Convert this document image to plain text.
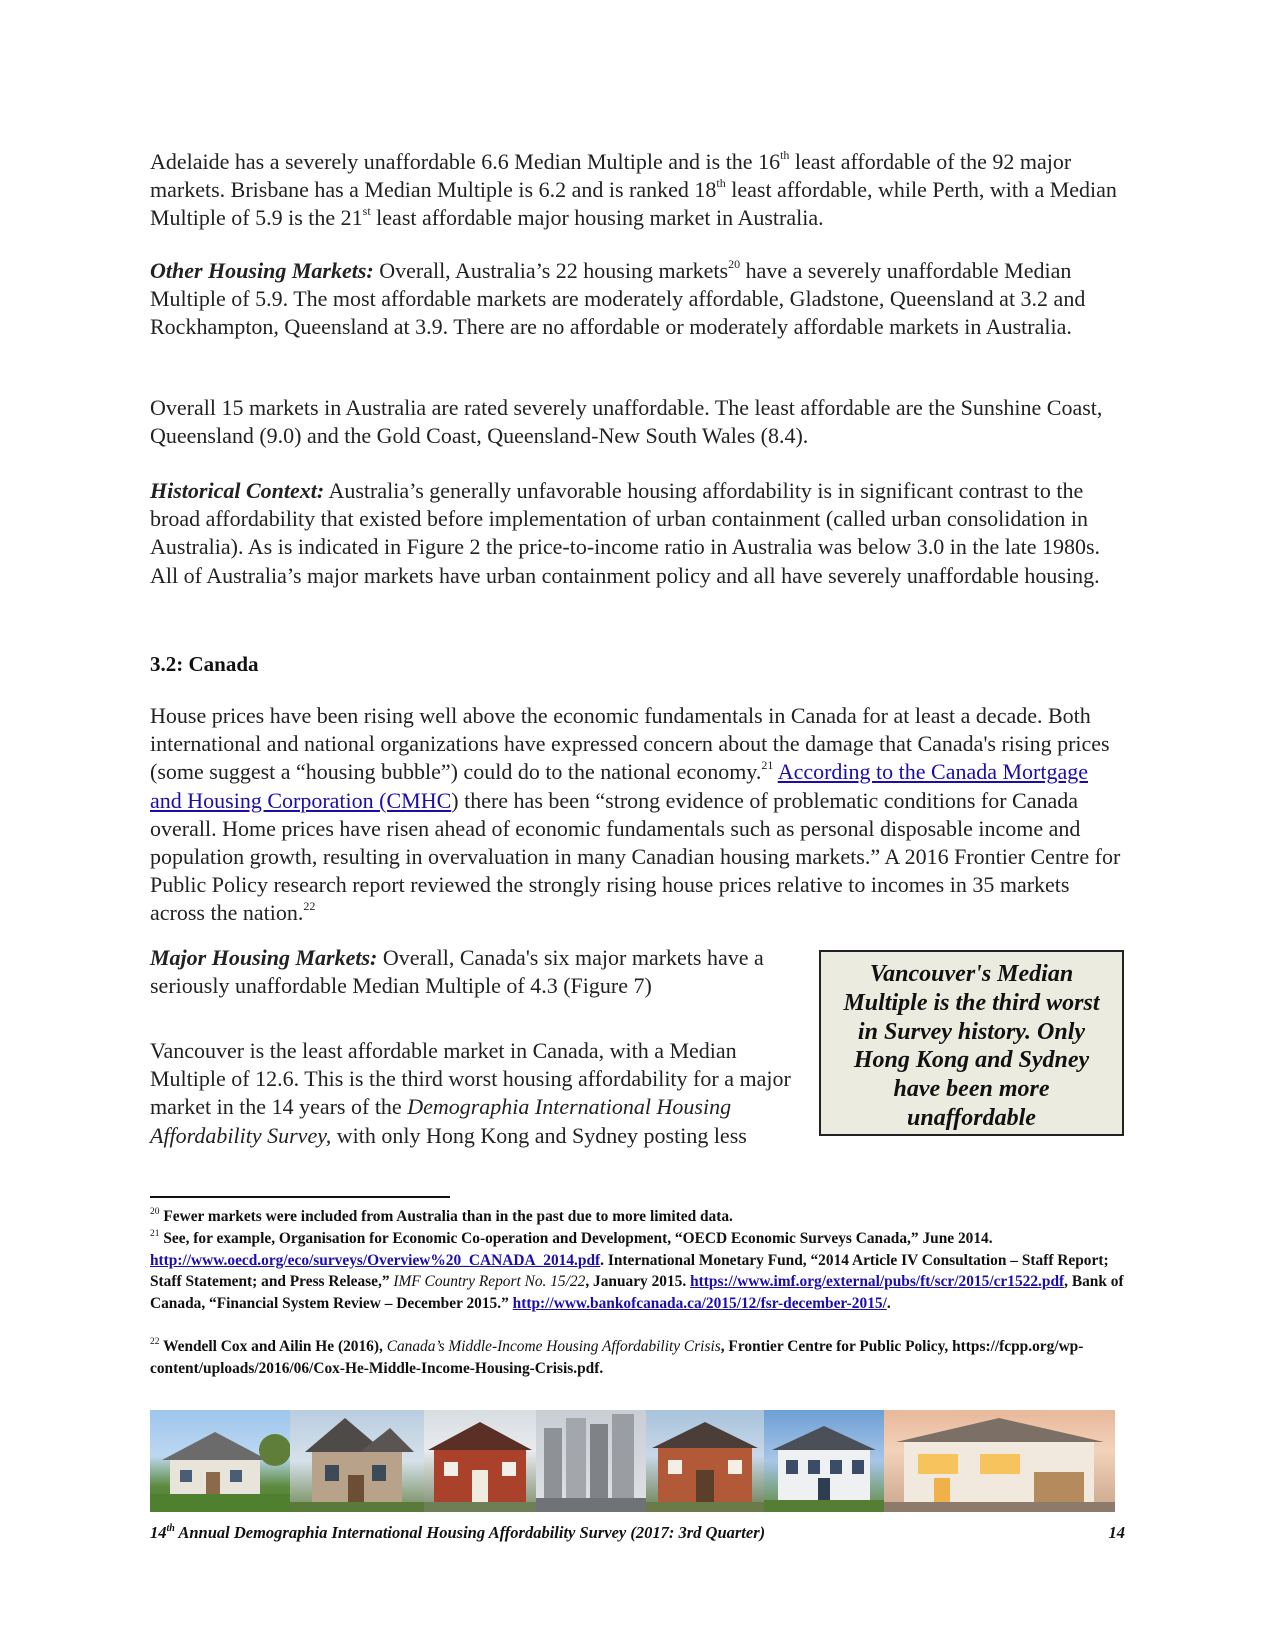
Adelaide has a severely unaffordable 6.6 Median Multiple and is the 16th least affordable of the 92 major markets. Brisbane has a Median Multiple is 6.2 and is ranked 18th least affordable, while Perth, with a Median Multiple of 5.9 is the 21st least affordable major housing market in Australia.

Other Housing Markets: Overall, Australia’s 22 housing markets$^{20}$ have a severely unaffordable Median Multiple of 5.9. The most affordable markets are moderately affordable, Gladstone, Queensland at 3.2 and Rockhampton, Queensland at 3.9. There are no affordable or moderately affordable markets in Australia.

Overall 15 markets in Australia are rated severely unaffordable. The least affordable are the Sunshine Coast, Queensland (9.0) and the Gold Coast, Queensland-New South Wales (8.4).

Historical Context: Australia’s generally unfavorable housing affordability is in significant contrast to the broad affordability that existed before implementation of urban containment (called urban consolidation in Australia). As is indicated in Figure 2 the price-to-income ratio in Australia was below 3.0 in the late 1980s. All of Australia’s major markets have urban containment policy and all have severely unaffordable housing.

3.2: Canada

House prices have been rising well above the economic fundamentals in Canada for at least a decade. Both international and national organizations have expressed concern about the damage that Canada's rising prices (some suggest a “housing bubble”) could do to the national economy.$^{21}$ According to the Canada Mortgage and Housing Corporation (CMHC) there has been “strong evidence of problematic conditions for Canada overall. Home prices have risen ahead of economic fundamentals such as personal disposable income and population growth, resulting in overvaluation in many Canadian housing markets.” A 2016 Frontier Centre for Public Policy research report reviewed the strongly rising house prices relative to incomes in 35 markets across the nation.$^{22}$

Major Housing Markets: Overall, Canada's six major markets have a seriously unaffordable Median Multiple of 4.3 (Figure 7)

Vancouver is the least affordable market in Canada, with a Median Multiple of 12.6. This is the third worst housing affordability for a major market in the 14 years of the Demographia International Housing Affordability Survey, with only Hong Kong and Sydney posting less

Vancouver's Median Multiple is the third worst in Survey history. Only Hong Kong and Sydney have been more unaffordable

$^{20}$ Fewer markets were included from Australia than in the past due to more limited data.

$^{21}$ See, for example, Organisation for Economic Co-operation and Development, “OECD Economic Surveys Canada,” June 2014. http://www.oecd.org/eco/surveys/Overview%20_CANADA_2014.pdf. International Monetary Fund, “2014 Article IV Consultation – Staff Report; Staff Statement; and Press Release,” IMF Country Report No. 15/22, January 2015. https://www.imf.org/external/pubs/ft/scr/2015/cr1522.pdf, Bank of Canada, “Financial System Review – December 2015.” http://www.bankofcanada.ca/2015/12/fsr-december-2015/.

$^{22}$ Wendell Cox and Ailin He (2016), Canada’s Middle-Income Housing Affordability Crisis, Frontier Centre for Public Policy, https://fcpp.org/wp-content/uploads/2016/06/Cox-He-Middle-Income-Housing-Crisis.pdf.

14th Annual Demographia International Housing Affordability Survey (2017: 3rd Quarter)	14
